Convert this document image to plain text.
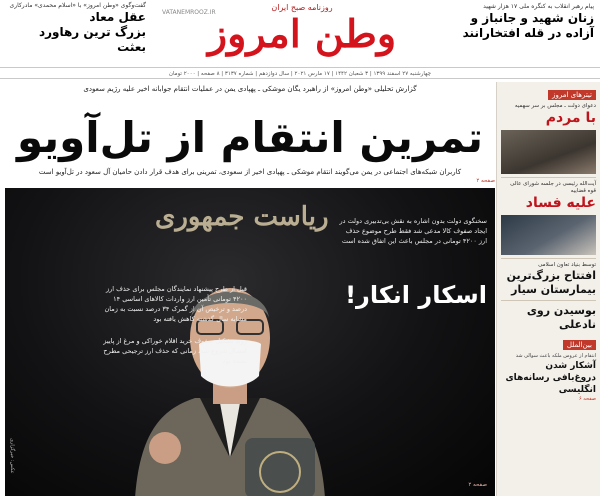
پیام رهبر انقلاب به کنگره ملی ۱۷ هزار شهید
زنان شهید و جانباز و آزاده در قله افتخارانند
روزنامه صبح ایران
وطن امروز
VATANEMROOZ.IR
گفت‌وگوی «وطن امروز» با «اسلام محمدی» مادرکاری
عقل معاد
بزرگ ترین رهاورد بعثت
چهارشنبه ۲۷ اسفند ۱۳۹۹ | ۳ شعبان ۱۴۴۲ | ۱۷ مارس ۲۰۲۱ | سال دوازدهم | شماره ۳۱۳۷ | ۸ صفحه | ۲۰۰۰ تومان
گزارش تحلیلی «وطن امروز» از راهبرد یگان موشکی ـ پهپادی یمن در عملیات انتقام جوابانه اخیر علیه رژیم سعودی
تمرین انتقام از تل‌آویو
کاربران شبکه‌های اجتماعی در یمن می‌گویند انتقام موشکی ـ پهپادی اخیر از سعودی، تمرینی برای هدف قرار دادن حامیان آل سعود در تل‌آویو است
صفحه ۲
ریاست جمهوری	سخنگوی دولت بدون اشاره به نقش بی‌تدبیری دولت در ایجاد صفوف کالا مدعی شد فقط طرح موضوع حذف ارز ۴۲۰۰ تومانی در مجلس باعث این اتفاق شده است
اسکار انکار!
قبل از طرح پیشنهاد نمایندگان مجلس برای حذف ارز ۴۲۰۰ تومانی تأمین ارز واردات کالاهای اساسی ۱۴ درصد و ترخیص آن از گمرک ۳۴ درصد نسبت به زمان مشابه سال گذشته کاهش یافته بود
روند تشکیل صفوف خرید اقلام خوراکی و مرغ از پاییز امسال شروع شد، زمانی که حذف ارز ترجیحی مطرح نشده بود
عکس: خبرگزاری
صفحه ۲
تیترهای امروز
دعوای دولت ـ مجلس بر سر سهمیه
با مردم
آیت‌الله رئیسی در جلسه شورای عالی قوه قضاییه
علیه فساد
توسط بنیاد تعاون اسلامی
افتتاح بزرگ‌ترین بیمارستان سیار
بوسیدن روی نادعلی
بین‌الملل
انتقام از عروس ملکه باعث سوالی شد
آشکار شدن دروغ‌بافی رسانه‌های انگلیسی
صفحه ۶
